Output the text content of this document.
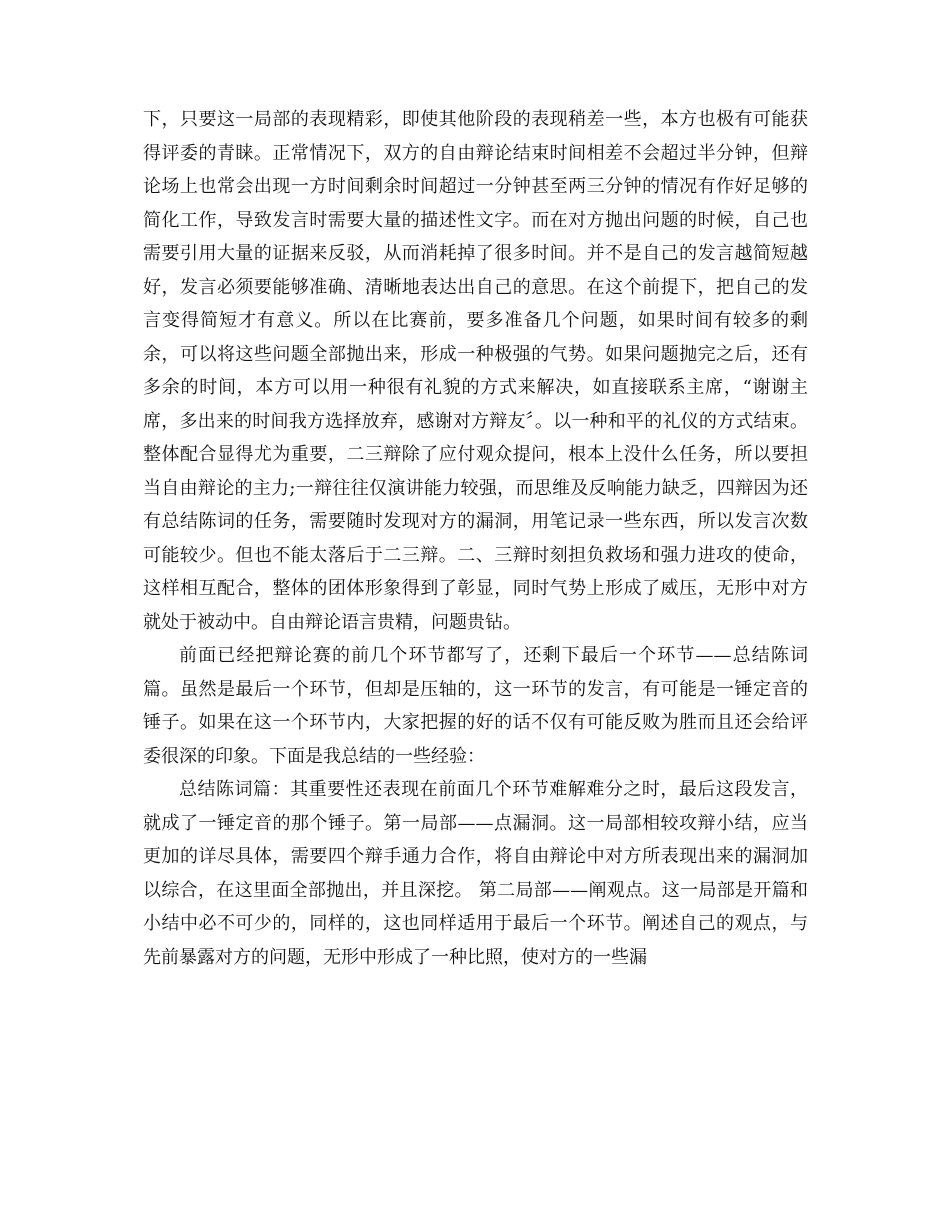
下，只要这一局部的表现精彩，即使其他阶段的表现稍差一些，本方也极有可能获得评委的青睐。正常情况下，双方的自由辩论结束时间相差不会超过半分钟，但辩论场上也常会出现一方时间剩余时间超过一分钟甚至两三分钟的情况有作好足够的简化工作，导致发言时需要大量的描述性文字。而在对方抛出问题的时候，自己也需要引用大量的证据来反驳，从而消耗掉了很多时间。并不是自己的发言越简短越好，发言必须要能够准确、清晰地表达出自己的意思。在这个前提下，把自己的发言变得简短才有意义。所以在比赛前，要多准备几个问题，如果时间有较多的剩余，可以将这些问题全部抛出来，形成一种极强的气势。如果问题抛完之后，还有多余的时间，本方可以用一种很有礼貌的方式来解决，如直接联系主席，“谢谢主席，多出来的时间我方选择放弃，感谢对方辩友〞。以一种和平的礼仪的方式结束。整体配合显得尤为重要，二三辩除了应付观众提问，根本上没什么任务，所以要担当自由辩论的主力;一辩往往仅演讲能力较强，而思维及反响能力缺乏，四辩因为还有总结陈词的任务，需要随时发现对方的漏洞，用笔记录一些东西，所以发言次数可能较少。但也不能太落后于二三辩。二、三辩时刻担负救场和强力进攻的使命，这样相互配合，整体的团体形象得到了彰显，同时气势上形成了威压，无形中对方就处于被动中。自由辩论语言贵精，问题贵钻。

前面已经把辩论赛的前几个环节都写了，还剩下最后一个环节——总结陈词篇。虽然是最后一个环节，但却是压轴的，这一环节的发言，有可能是一锤定音的锤子。如果在这一个环节内，大家把握的好的话不仅有可能反败为胜而且还会给评委很深的印象。下面是我总结的一些经验：

总结陈词篇：其重要性还表现在前面几个环节难解难分之时，最后这段发言，就成了一锤定音的那个锤子。第一局部——点漏洞。这一局部相较攻辩小结，应当更加的详尽具体，需要四个辩手通力合作，将自由辩论中对方所表现出来的漏洞加以综合，在这里面全部抛出，并且深挖。 第二局部——阐观点。这一局部是开篇和小结中必不可少的，同样的，这也同样适用于最后一个环节。阐述自己的观点，与先前暴露对方的问题，无形中形成了一种比照，使对方的一些漏
